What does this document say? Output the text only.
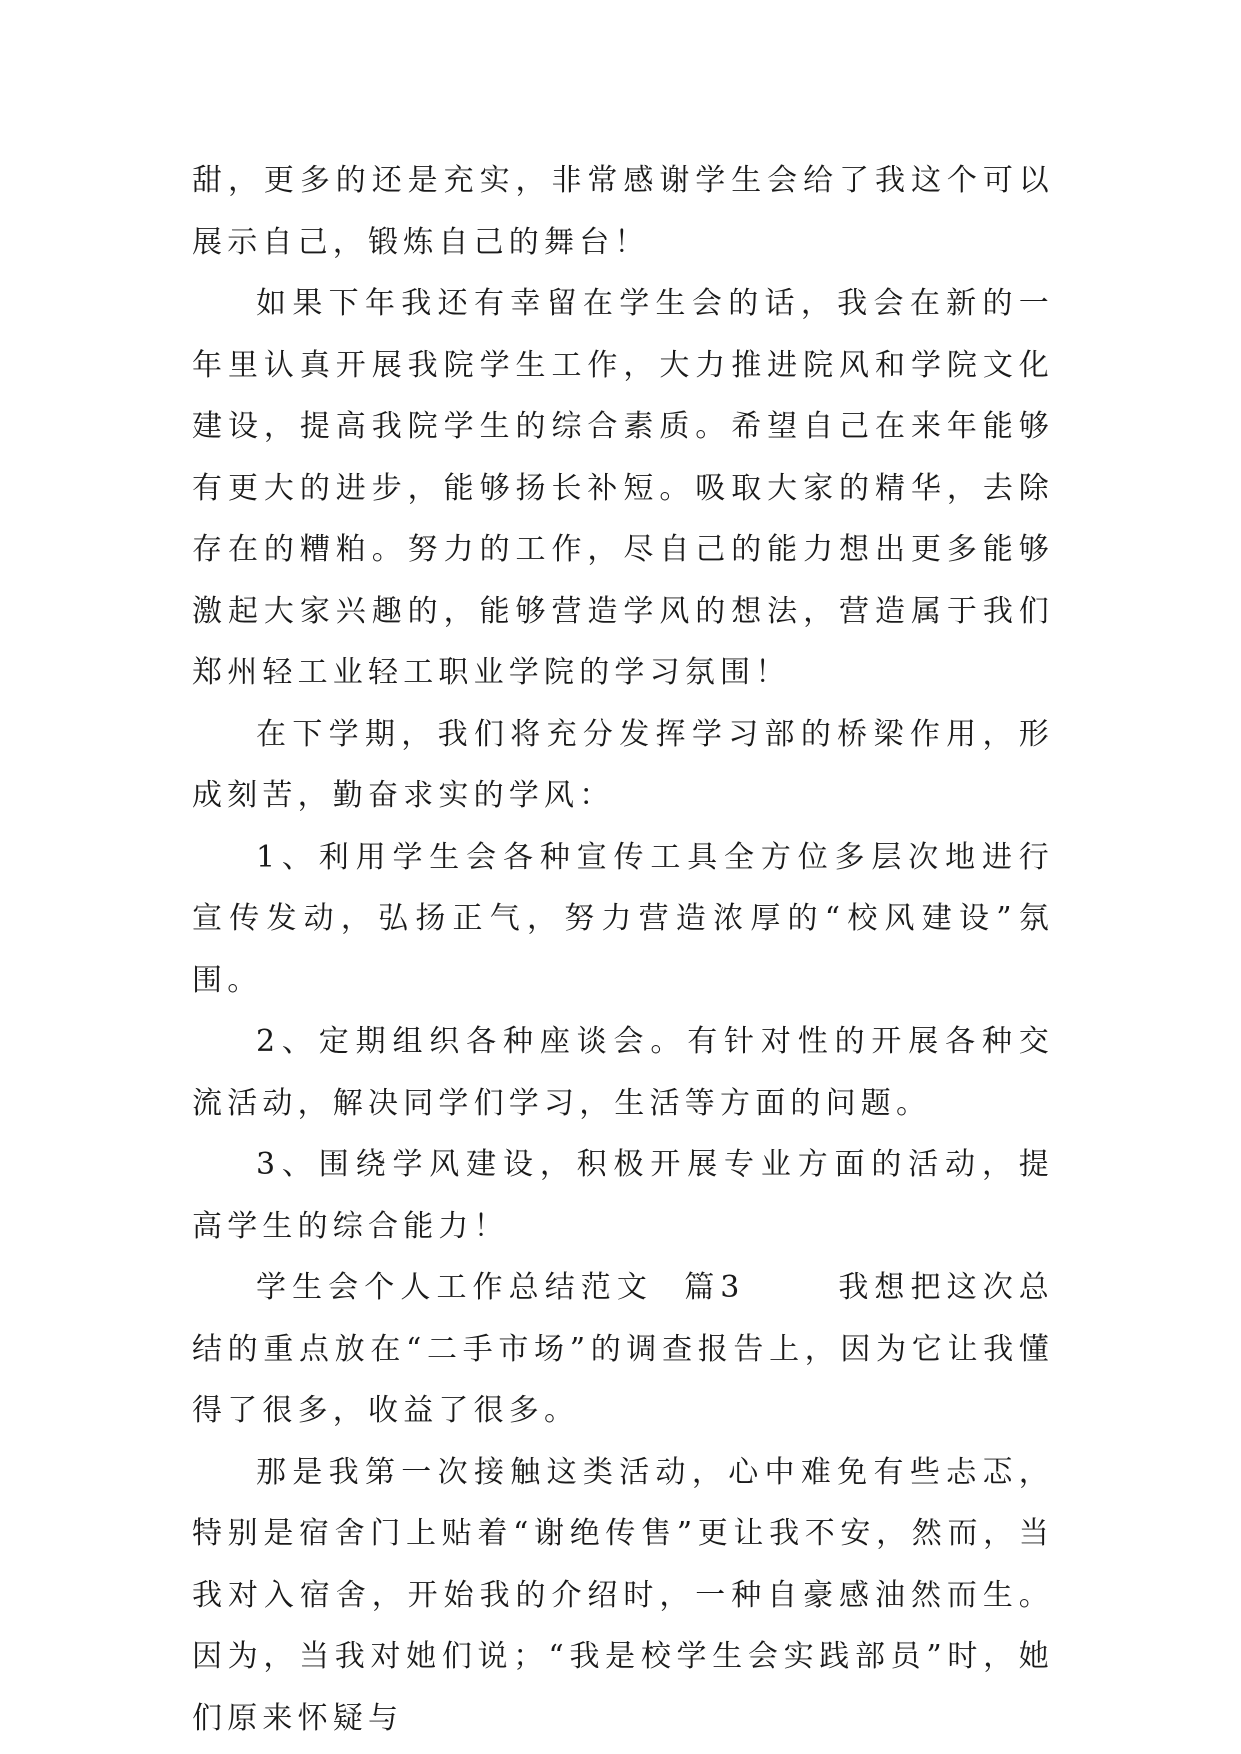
甜，更多的还是充实，非常感谢学生会给了我这个可以展示自己，锻炼自己的舞台！

如果下年我还有幸留在学生会的话，我会在新的一年里认真开展我院学生工作，大力推进院风和学院文化建设，提高我院学生的综合素质。希望自己在来年能够有更大的进步，能够扬长补短。吸取大家的精华，去除存在的糟粕。努力的工作，尽自己的能力想出更多能够激起大家兴趣的，能够营造学风的想法，营造属于我们郑州轻工业轻工职业学院的学习氛围！

在下学期，我们将充分发挥学习部的桥梁作用，形成刻苦，勤奋求实的学风：

1、利用学生会各种宣传工具全方位多层次地进行宣传发动，弘扬正气，努力营造浓厚的“校风建设”氛围。

2、定期组织各种座谈会。有针对性的开展各种交流活动，解决同学们学习，生活等方面的问题。

3、围绕学风建设，积极开展专业方面的活动，提高学生的综合能力！

学生会个人工作总结范文  篇3	我想把这次总结的重点放在“二手市场”的调查报告上，因为它让我懂得了很多，收益了很多。

那是我第一次接触这类活动，心中难免有些忐忑，特别是宿舍门上贴着“谢绝传售”更让我不安，然而，当我对入宿舍，开始我的介绍时，一种自豪感油然而生。因为，当我对她们说；“我是校学生会实践部员”时，她们原来怀疑与
